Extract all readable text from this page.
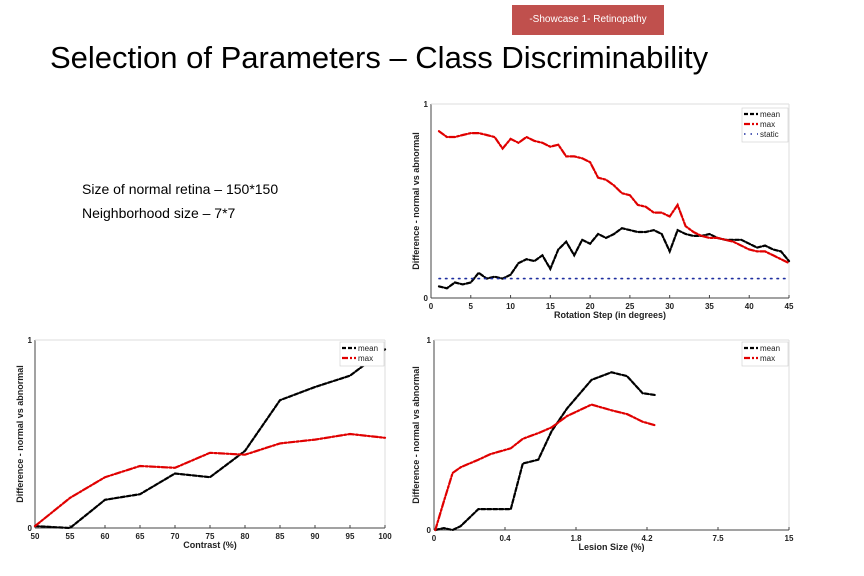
-Showcase 1- Retinopathy
Selection of Parameters – Class Discriminability
Size of normal retina – 150*150
Neighborhood size – 7*7
0	5	10	15	20	25	30	35	40	45
0
1
Rotation Step (in degrees)
Difference - normal vs abnormal
mean
max
static
50	55	60	65	70	75	80	85	90	95	100
0
1
Contrast (%)
Difference - normal vs abnormal
mean
max
0	0.4	1.8	4.2	7.5	15
0
1
Lesion Size (%)
Difference - normal vs abnormal
mean
max
